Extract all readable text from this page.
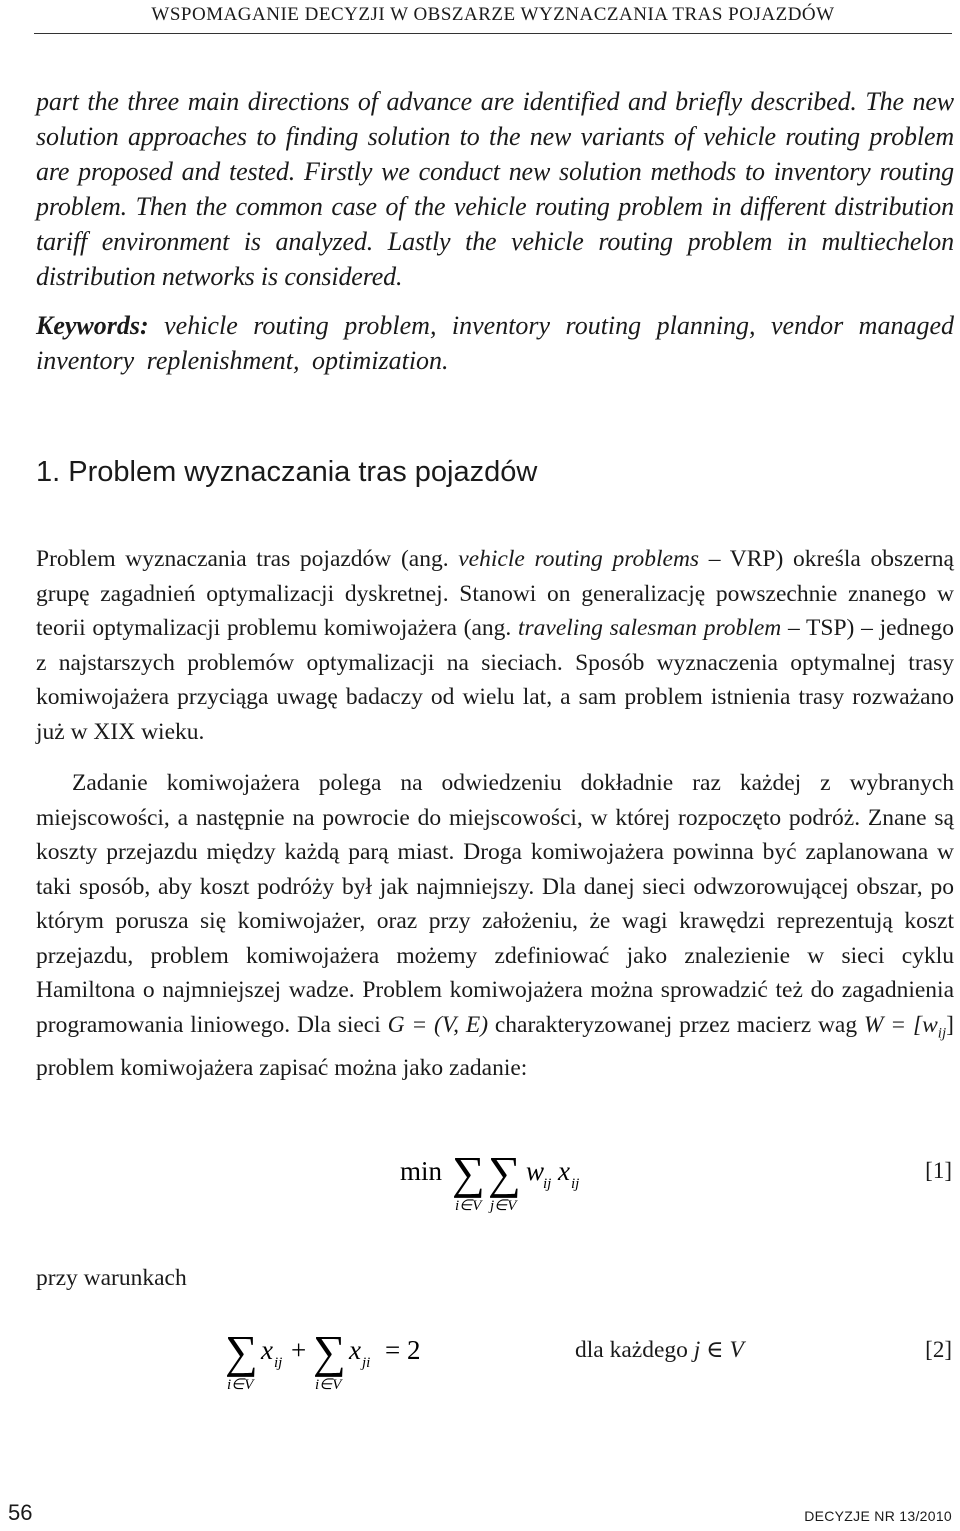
WSPOMAGANIE DECYZJI W OBSZARZE WYZNACZANIA TRAS POJAZDÓW
part the three main directions of advance are identified and briefly described. The new solution approaches to finding solution to the new variants of vehicle routing problem are proposed and tested. Firstly we conduct new solution methods to inventory routing problem. Then the common case of the vehicle routing problem in different distribution tariff environment is analyzed. Lastly the vehicle routing problem in multiechelon distribution networks is considered.
Keywords: vehicle routing problem, inventory routing planning, vendor managed inventory replenishment, optimization.
1. Problem wyznaczania tras pojazdów
Problem wyznaczania tras pojazdów (ang. vehicle routing problems – VRP) określa obszerną grupę zagadnień optymalizacji dyskretnej. Stanowi on generalizację powszechnie znanego w teorii optymalizacji problemu komiwojażera (ang. traveling salesman problem – TSP) – jednego z najstarszych problemów optymalizacji na sieciach. Sposób wyznaczenia optymalnej trasy komiwojażera przyciąga uwagę badaczy od wielu lat, a sam problem istnienia trasy rozważano już w XIX wieku.
Zadanie komiwojażera polega na odwiedzeniu dokładnie raz każdej z wybranych miejscowości, a następnie na powrocie do miejscowości, w której rozpoczęto podróż. Znane są koszty przejazdu między każdą parą miast. Droga komiwojażera powinna być zaplanowana w taki sposób, aby koszt podróży był jak najmniejszy. Dla danej sieci odwzorowującej obszar, po którym porusza się komiwojażer, oraz przy założeniu, że wagi krawędzi reprezentują koszt przejazdu, problem komiwojażera możemy zdefiniować jako znalezienie w sieci cyklu Hamiltona o najmniejszej wadze. Problem komiwojażera można sprowadzić też do zagadnienia programowania liniowego. Dla sieci G = (V, E) charakteryzowanej przez macierz wag $W = [w_{ij}]$ problem komiwojażera zapisać można jako zadanie:
min ∑
i∈V
∑
j∈V
w
ij x ij
[1]
przy warunkach
∑
i∈V
x ij + ∑
i∈V
x ji = 2	dla każdego j ∈ V	[2]
56	DECYZJE NR 13/2010
